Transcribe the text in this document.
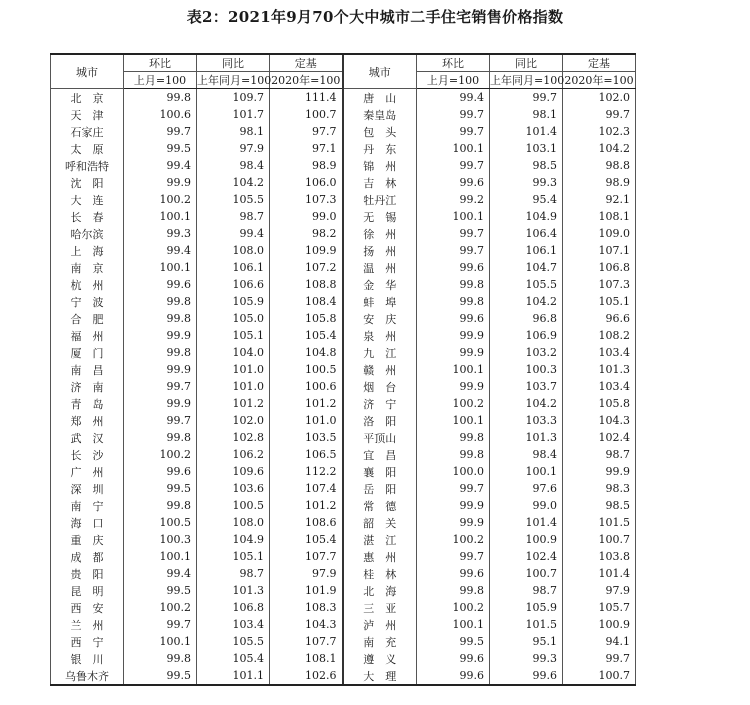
表2：2021年9月70个大中城市二手住宅销售价格指数
城市	环比	同比	定基	城市	环比	同比	定基
	上月=100	上年同月=100	2020年=100		上月=100	上年同月=100	2020年=100
北　京	99.8	109.7	111.4	唐　山	99.4	99.7	102.0
天　津	100.6	101.7	100.7	秦皇岛	99.7	98.1	99.7
石家庄	99.7	98.1	97.7	包　头	99.7	101.4	102.3
太　原	99.5	97.9	97.1	丹　东	100.1	103.1	104.2
呼和浩特	99.4	98.4	98.9	锦　州	99.7	98.5	98.8
沈　阳	99.9	104.2	106.0	吉　林	99.6	99.3	98.9
大　连	100.2	105.5	107.3	牡丹江	99.2	95.4	92.1
长　春	100.1	98.7	99.0	无　锡	100.1	104.9	108.1
哈尔滨	99.3	99.4	98.2	徐　州	99.7	106.4	109.0
上　海	99.4	108.0	109.9	扬　州	99.7	106.1	107.1
南　京	100.1	106.1	107.2	温　州	99.6	104.7	106.8
杭　州	99.6	106.6	108.8	金　华	99.8	105.5	107.3
宁　波	99.8	105.9	108.4	蚌　埠	99.8	104.2	105.1
合　肥	99.8	105.0	105.8	安　庆	99.6	96.8	96.6
福　州	99.9	105.1	105.4	泉　州	99.9	106.9	108.2
厦　门	99.8	104.0	104.8	九　江	99.9	103.2	103.4
南　昌	99.9	101.0	100.5	赣　州	100.1	100.3	101.3
济　南	99.7	101.0	100.6	烟　台	99.9	103.7	103.4
青　岛	99.9	101.2	101.2	济　宁	100.2	104.2	105.8
郑　州	99.7	102.0	101.0	洛　阳	100.1	103.3	104.3
武　汉	99.8	102.8	103.5	平顶山	99.8	101.3	102.4
长　沙	100.2	106.2	106.5	宜　昌	99.8	98.4	98.7
广　州	99.6	109.6	112.2	襄　阳	100.0	100.1	99.9
深　圳	99.5	103.6	107.4	岳　阳	99.7	97.6	98.3
南　宁	99.8	100.5	101.2	常　德	99.9	99.0	98.5
海　口	100.5	108.0	108.6	韶　关	99.9	101.4	101.5
重　庆	100.3	104.9	105.4	湛　江	100.2	100.9	100.7
成　都	100.1	105.1	107.7	惠　州	99.7	102.4	103.8
贵　阳	99.4	98.7	97.9	桂　林	99.6	100.7	101.4
昆　明	99.5	101.3	101.9	北　海	99.8	98.7	97.9
西　安	100.2	106.8	108.3	三　亚	100.2	105.9	105.7
兰　州	99.7	103.4	104.3	泸　州	100.1	101.5	100.9
西　宁	100.1	105.5	107.7	南　充	99.5	95.1	94.1
银　川	99.8	105.4	108.1	遵　义	99.6	99.3	99.7
乌鲁木齐	99.5	101.1	102.6	大　理	99.6	99.6	100.7
